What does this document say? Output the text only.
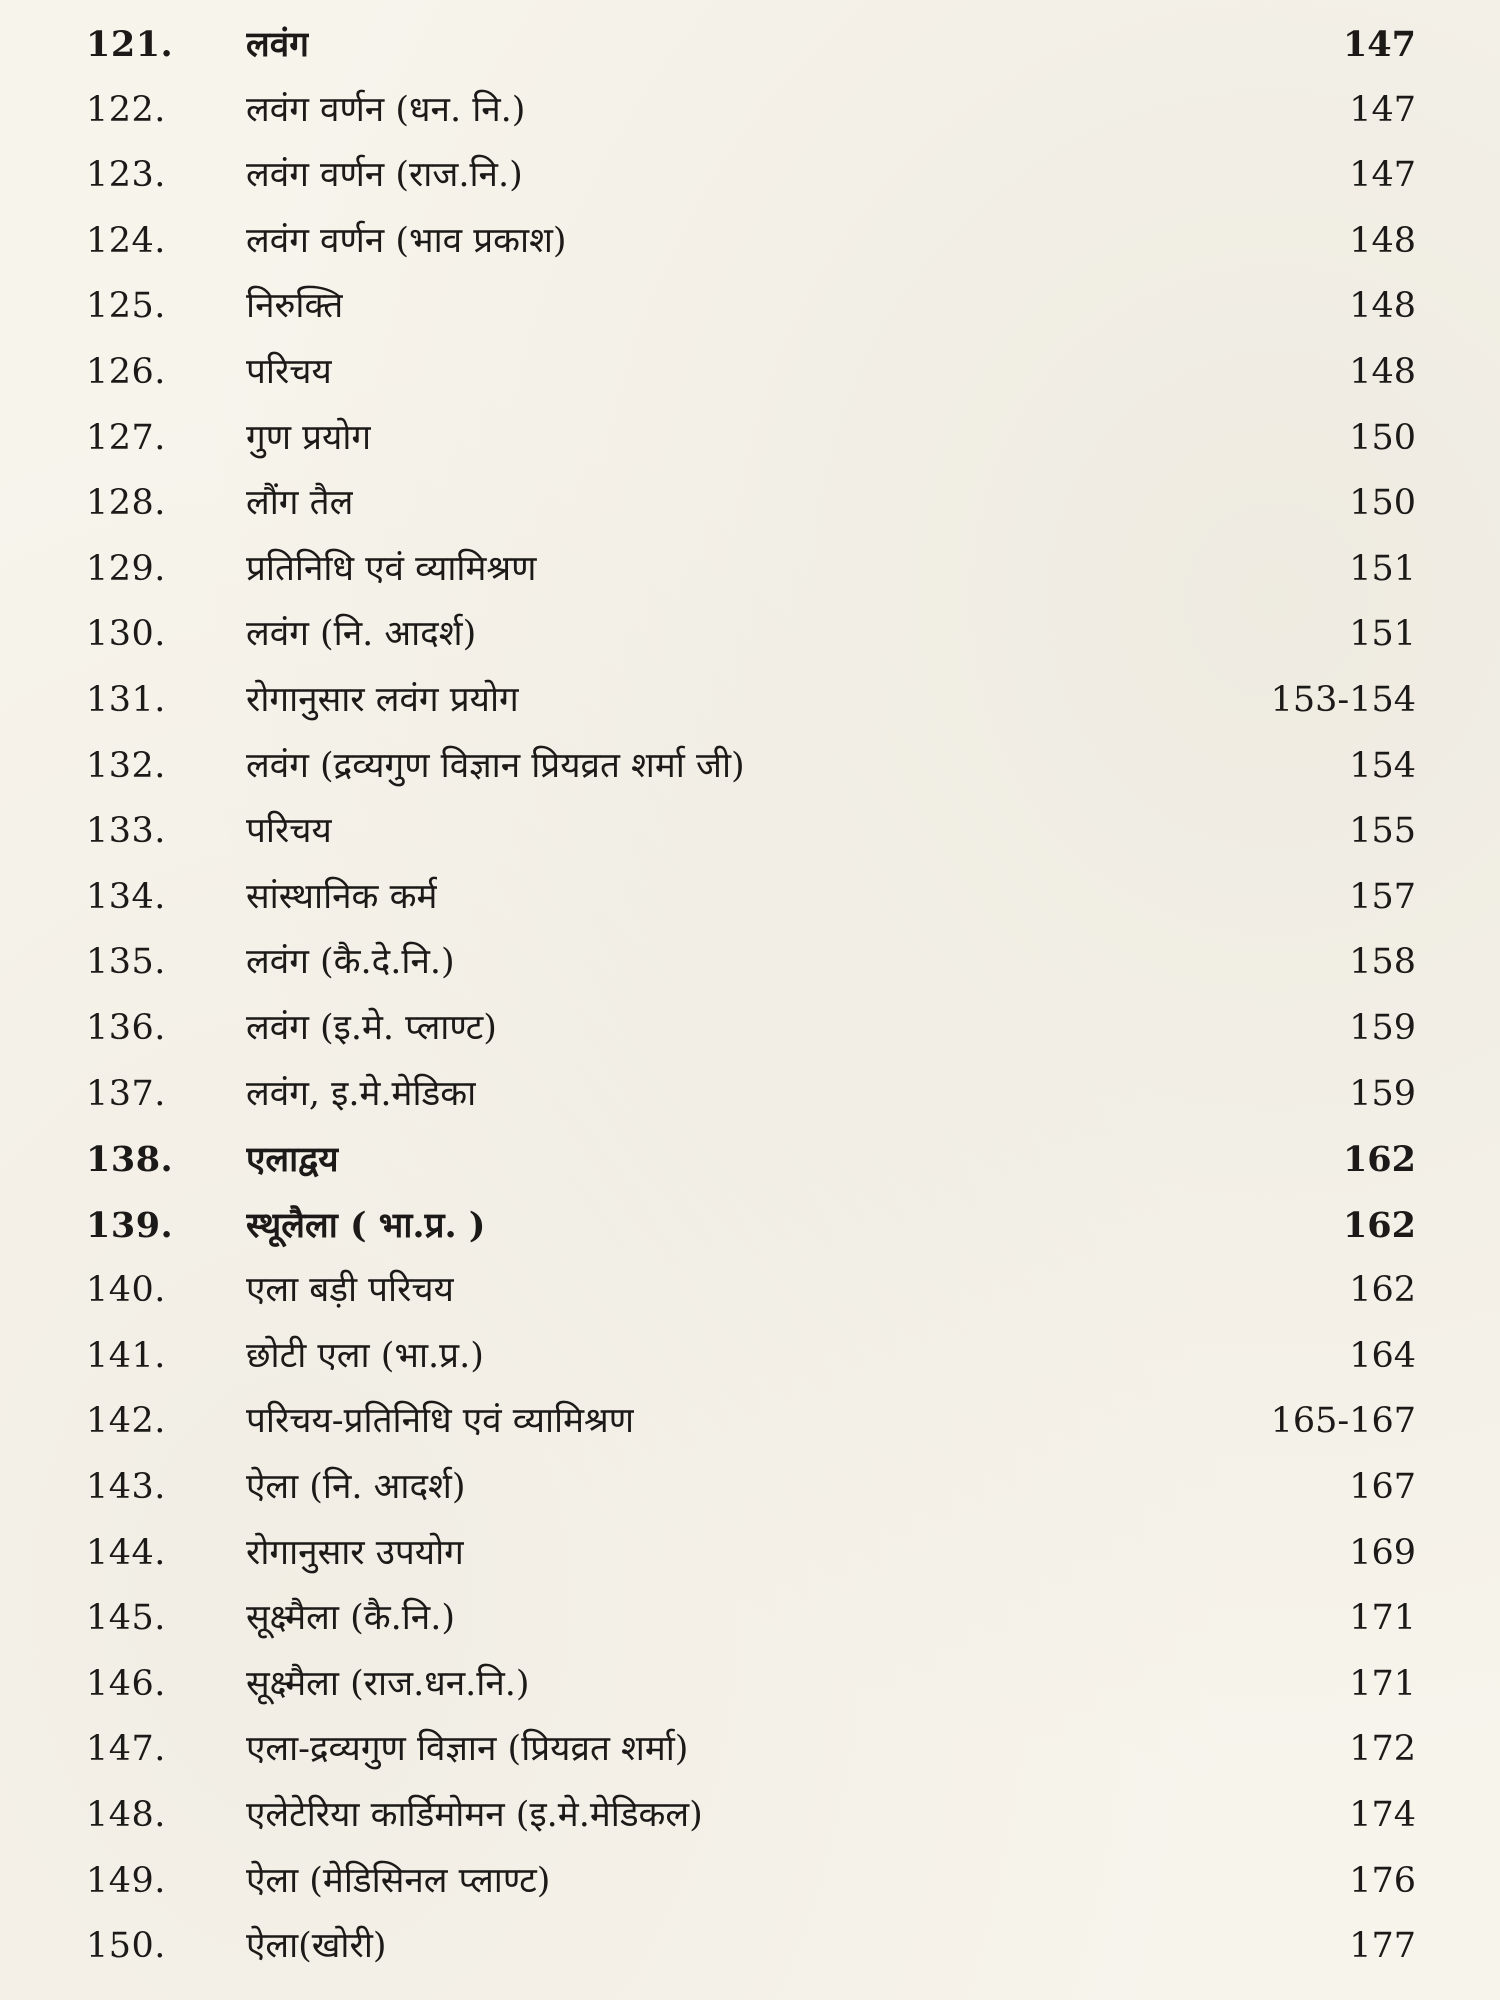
121. लवंग	147
122. लवंग वर्णन (धन. नि.)	147
123. लवंग वर्णन (राज.नि.)	147
124. लवंग वर्णन (भाव प्रकाश)	148
125. निरुक्ति	148
126. परिचय	148
127. गुण प्रयोग	150
128. लौंग तैल	150
129. प्रतिनिधि एवं व्यामिश्रण	151
130. लवंग (नि. आदर्श)	151
131. रोगानुसार लवंग प्रयोग	153-154
132. लवंग (द्रव्यगुण विज्ञान प्रियव्रत शर्मा जी)	154
133. परिचय	155
134. सांस्थानिक कर्म	157
135. लवंग (कै.दे.नि.)	158
136. लवंग (इ.मे. प्लाण्ट)	159
137. लवंग, इ.मे.मेडिका	159
138. एलाद्वय	162
139. स्थूलैला ( भा.प्र. )	162
140. एला बड़ी परिचय	162
141. छोटी एला (भा.प्र.)	164
142. परिचय-प्रतिनिधि एवं व्यामिश्रण	165-167
143. ऐला (नि. आदर्श)	167
144. रोगानुसार उपयोग	169
145. सूक्ष्मैला (कै.नि.)	171
146. सूक्ष्मैला (राज.धन.नि.)	171
147. एला-द्रव्यगुण विज्ञान (प्रियव्रत शर्मा)	172
148. एलेटेरिया कार्डिमोमन (इ.मे.मेडिकल)	174
149. ऐला (मेडिसिनल प्लाण्ट)	176
150. ऐला(खोरी)	177
